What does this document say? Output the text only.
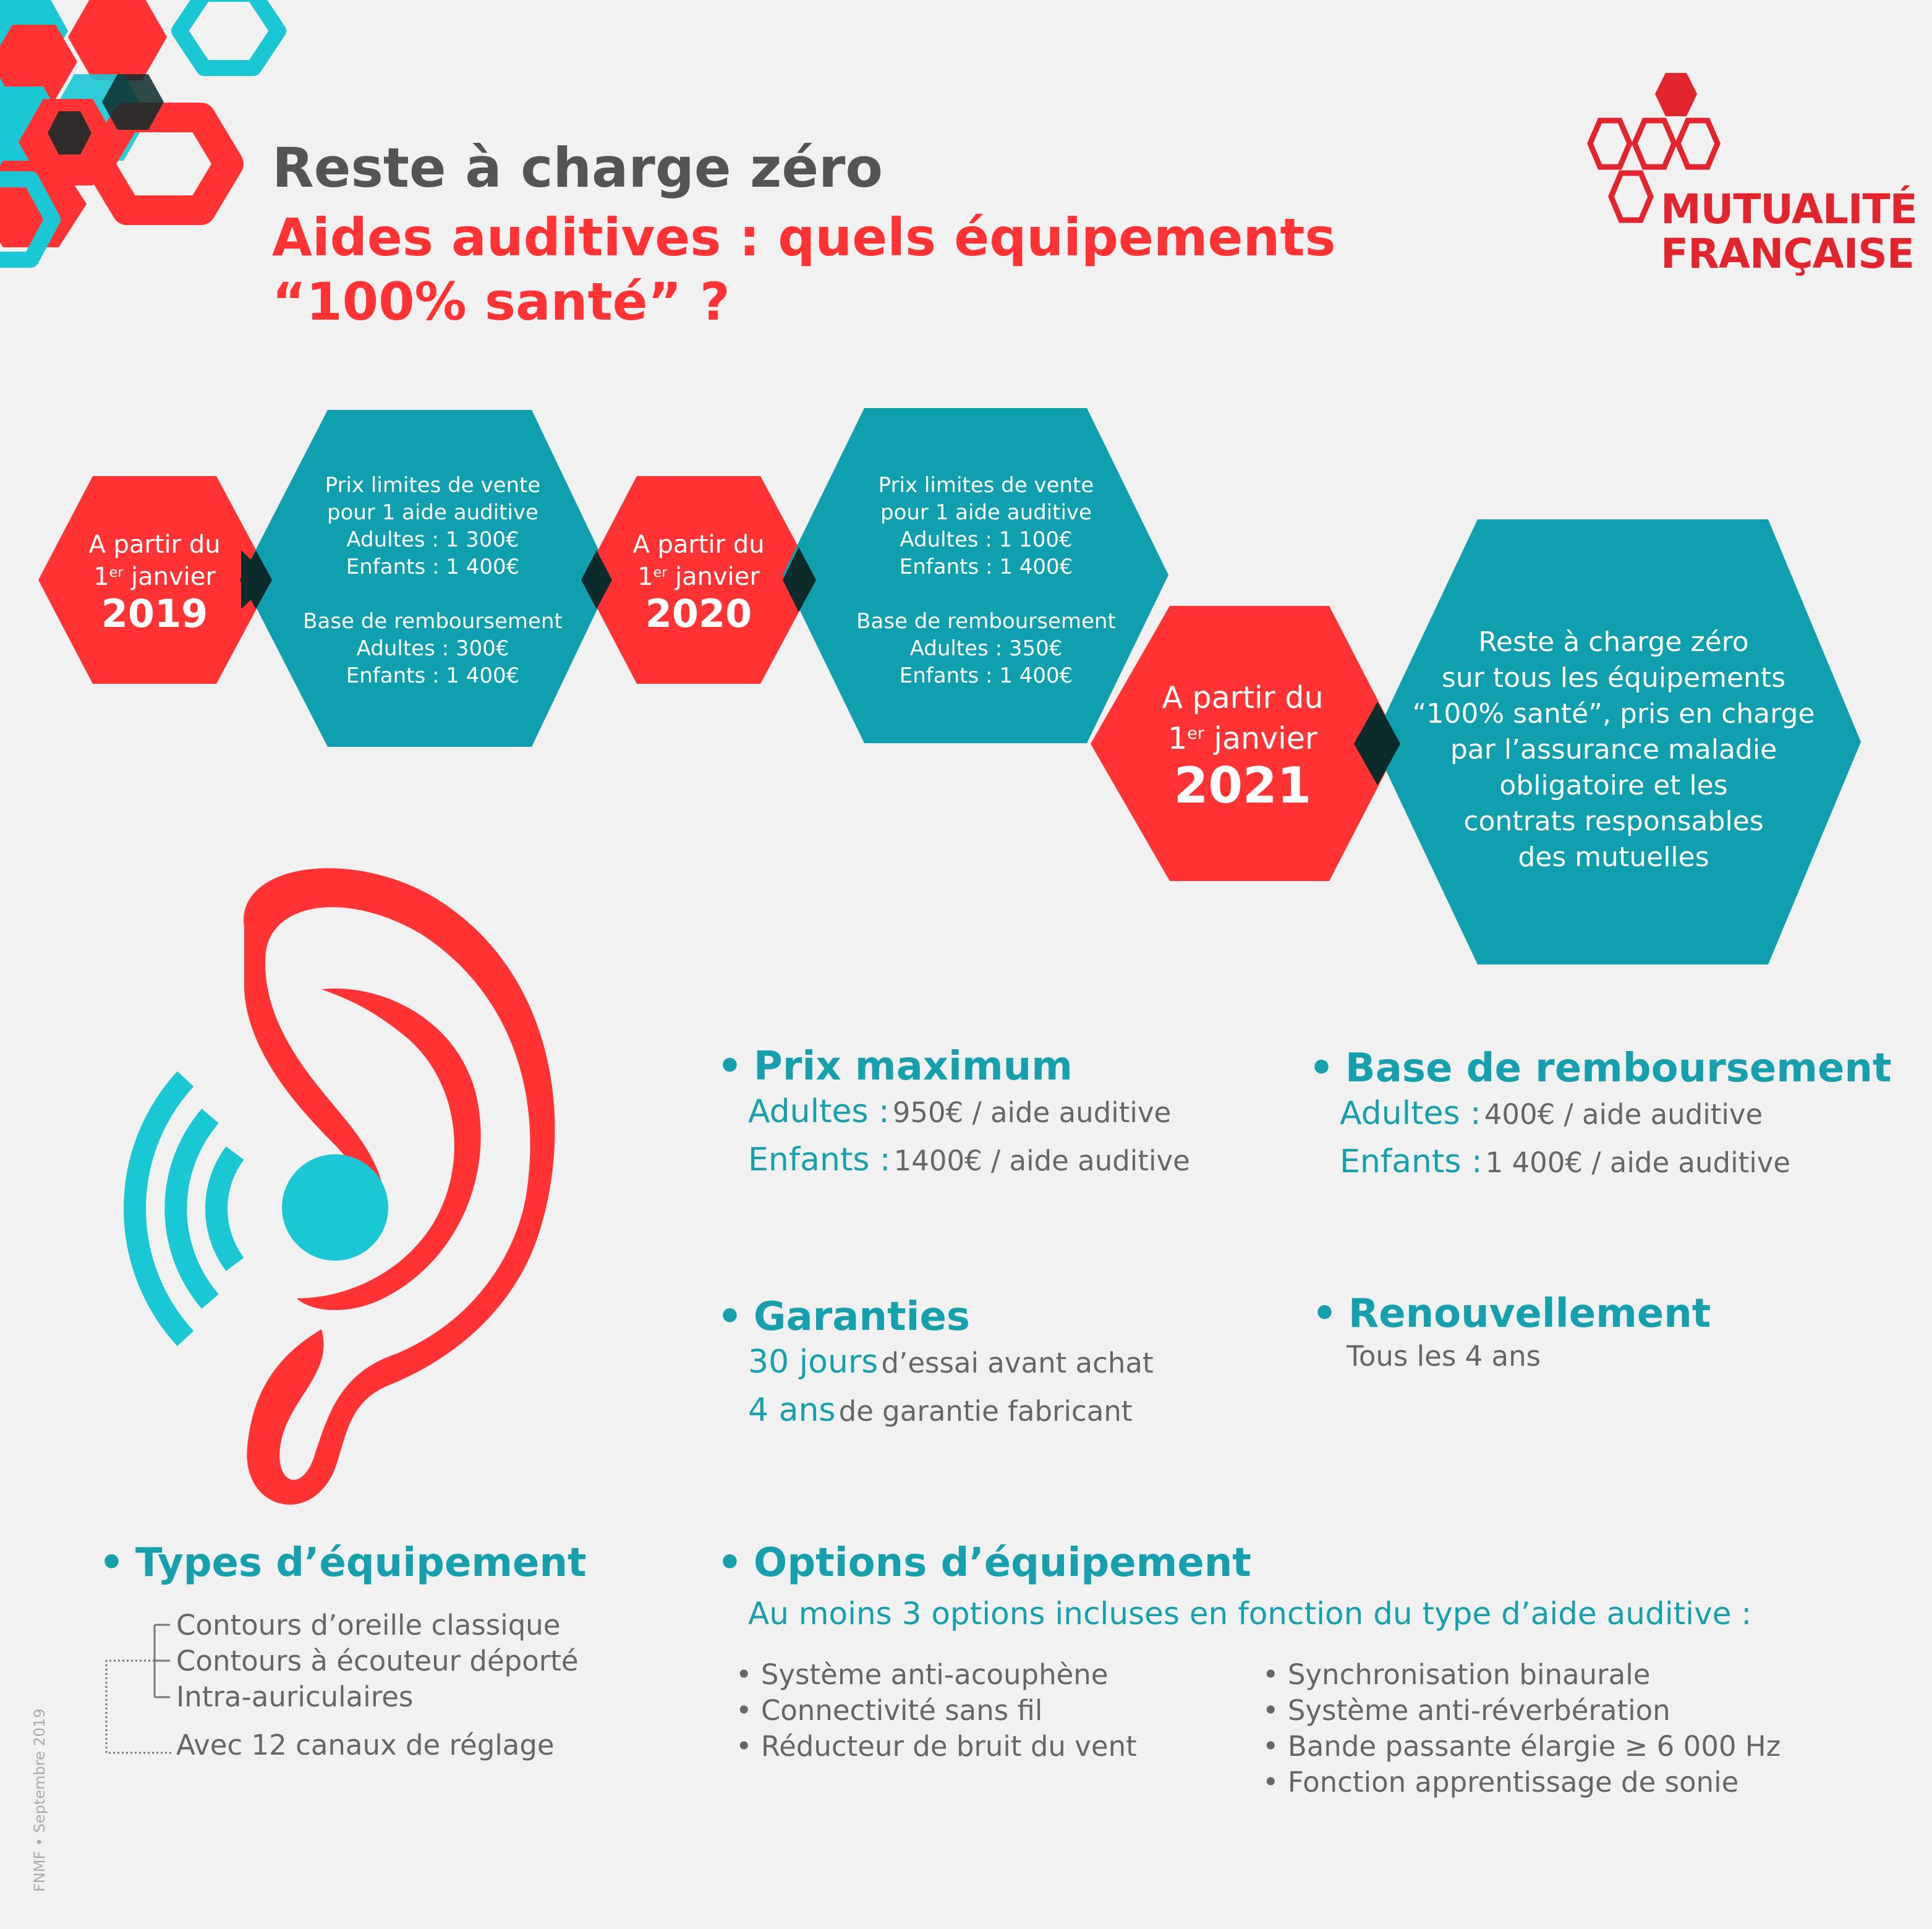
Reste à charge zéro
Aides auditives : quels équipements
“100% santé” ?
MUTUALITÉ
FRANÇAISE
A partir du
1er janvier
2019
Prix limites de vente
pour 1 aide auditive
Adultes : 1 300€
Enfants : 1 400€
Base de remboursement
Adultes : 300€
Enfants : 1 400€
A partir du
1er janvier
2020
Prix limites de vente
pour 1 aide auditive
Adultes : 1 100€
Enfants : 1 400€
Base de remboursement
Adultes : 350€
Enfants : 1 400€
A partir du
1er janvier
2021
Reste à charge zéro
sur tous les équipements
“100% santé”, pris en charge
par l’assurance maladie
obligatoire et les
contrats responsables
des mutuelles
• Prix maximum
Adultes : 950€ / aide auditive
Enfants : 1400€ / aide auditive
• Base de remboursement
Adultes : 400€ / aide auditive
Enfants : 1 400€ / aide auditive
• Garanties
30 jours d’essai avant achat
4 ans de garantie fabricant
• Renouvellement
Tous les 4 ans
• Types d’équipement
Contours d’oreille classique
Contours à écouteur déporté
Intra-auriculaires
Avec 12 canaux de réglage
• Options d’équipement
Au moins 3 options incluses en fonction du type d’aide auditive :
• Système anti-acouphène
• Connectivité sans fil
• Réducteur de bruit du vent
• Synchronisation binaurale
• Système anti-réverbération
• Bande passante élargie ≥ 6 000 Hz
• Fonction apprentissage de sonie
FNMF • Septembre 2019
